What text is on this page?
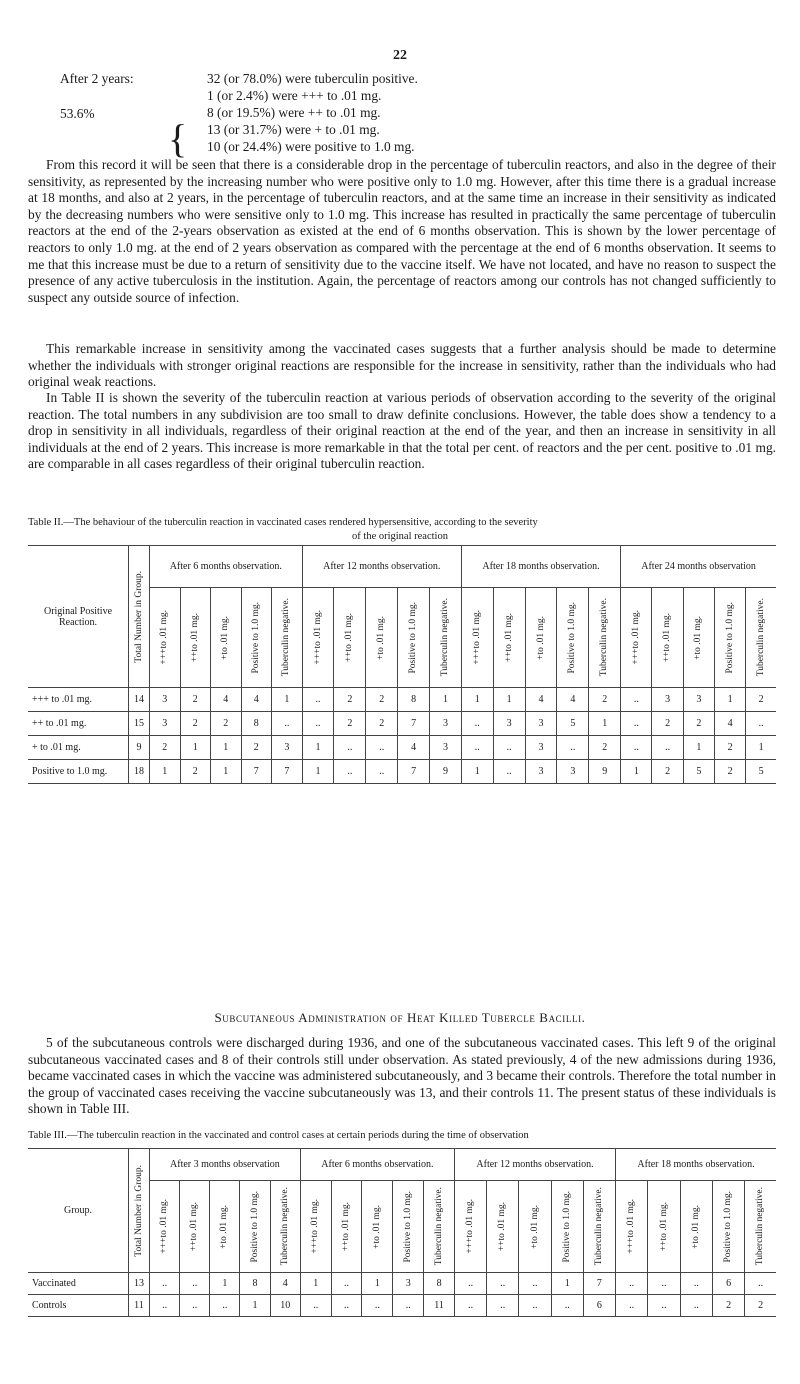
22
After 2 years:	32 (or 78.0%) were tuberculin positive.
53.6%
{
1 (or 2.4%) were +++ to .01 mg.
8 (or 19.5%) were ++ to .01 mg.
13 (or 31.7%) were + to .01 mg.
10 (or 24.4%) were positive to 1.0 mg.
From this record it will be seen that there is a considerable drop in the percentage of tuberculin reactors, and also in the degree of their sensitivity, as represented by the increasing number who were positive only to 1.0 mg. However, after this time there is a gradual increase at 18 months, and also at 2 years, in the percentage of tuberculin reactors, and at the same time an increase in their sensitivity as indicated by the decreasing numbers who were sensitive only to 1.0 mg. This increase has resulted in practically the same percentage of tuberculin reactors at the end of the 2-years observation as existed at the end of 6 months observation. This is shown by the lower percentage of reactors to only 1.0 mg. at the end of 2 years observation as compared with the percentage at the end of 6 months observation. It seems to me that this increase must be due to a return of sensitivity due to the vaccine itself. We have not located, and have no reason to suspect the presence of any active tuberculosis in the institution. Again, the percentage of reactors among our controls has not changed sufficiently to suspect any outside source of infection.
This remarkable increase in sensitivity among the vaccinated cases suggests that a further analysis should be made to determine whether the individuals with stronger original reactions are responsible for the increase in sensitivity, rather than the individuals who had original weak reactions.
In Table II is shown the severity of the tuberculin reaction at various periods of observation according to the severity of the original reaction. The total numbers in any subdivision are too small to draw definite conclusions. However, the table does show a tendency to a drop in sensitivity in all individuals, regardless of their original reaction at the end of the year, and then an increase in sensitivity in all individuals at the end of 2 years. This increase is more remarkable in that the total per cent. of reactors and the per cent. positive to .01 mg. are comparable in all cases regardless of their original tuberculin reaction.
Table II.—The behaviour of the tuberculin reaction in vaccinated cases rendered hypersensitive, according to the severity
of the original reaction
Original Positive Reaction.	Total Number in Group.	After 6 months observation.					After 12 months observation.					After 18 months observation.					After 24 months observation				

		+++to .01 mg.	++to .01 mg.	+to .01 mg.	Positive to 1.0 mg.	Tuberculin negative.	+++to .01 mg.	++to .01 mg.	+to .01 mg.	Positive to 1.0 mg.	Tuberculin negative.	+++to .01 mg.	++to .01 mg.	+to .01 mg.	Positive to 1.0 mg.	Tuberculin negative.	+++to .01 mg.	++to .01 mg.	+to .01 mg.	Positive to 1.0 mg.	Tuberculin negative.

+++ to .01 mg.	14	3	2	4	4	1	..	2	2	8	1	1	1	4	4	2	..	3	3	1	2
++ to .01 mg.	15	3	2	2	8	..	..	2	2	7	3	..	3	3	5	1	..	2	2	4	..
+ to .01 mg.	9	2	1	1	2	3	1	..	..	4	3	..	..	3	..	2	..	..	1	2	1
Positive to 1.0 mg.	18	1	2	1	7	7	1	..	..	7	9	1	..	3	3	9	1	2	5	2	5
Subcutaneous Administration of Heat Killed Tubercle Bacilli.
5 of the subcutaneous controls were discharged during 1936, and one of the subcutaneous vaccinated cases. This left 9 of the original subcutaneous vaccinated cases and 8 of their controls still under observation. As stated previously, 4 of the new admissions during 1936, became vaccinated cases in which the vaccine was administered subcutaneously, and 3 became their controls. Therefore the total number in the group of vaccinated cases receiving the vaccine subcutaneously was 13, and their controls 11. The present status of these individuals is shown in Table III.
Table III.—The tuberculin reaction in the vaccinated and control cases at certain periods during the time of observation
Group.	Total Number in Group.	After 3 months observation					After 6 months observation.					After 12 months observation.					After 18 months observation.				

		+++to .01 mg.	++to .01 mg.	+to .01 mg.	Positive to 1.0 mg.	Tuberculin negative.	+++to .01 mg.	++to .01 mg.	+to .01 mg.	Positive to 1.0 mg.	Tuberculin negative.	+++to .01 mg.	++to .01 mg.	+to .01 mg.	Positive to 1.0 mg.	Tuberculin negative.	+++to .01 mg.	++to .01 mg.	+to .01 mg.	Positive to 1.0 mg.	Tuberculin negative.

Vaccinated	13	..	..	1	8	4	1	..	1	3	8	..	..	..	1	7	..	..	..	6	..
Controls	11	..	..	..	1	10	..	..	..	..	11	..	..	..	..	6	..	..	..	2	2
